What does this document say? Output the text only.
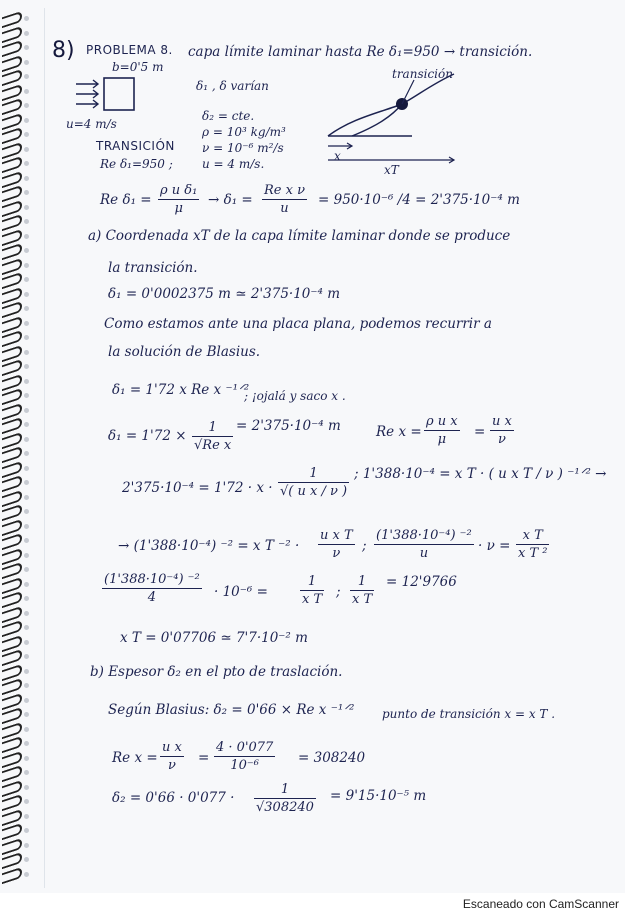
8) PROBLEMA 8. capa límite laminar hasta Re δ₁=950 → transición.
b=0'5 m
δ₁ , δ varían
δ₂ = cte.
ρ = 10³ kg/m³
ν = 10⁻⁶ m²/s
u = 4 m/s.
u=4 m/s
TRANSICIÓN
Re δ₁=950 ;
transición
x
xT
Re $\delta_1 = \frac{\text{ρ u δ₁}}{\mu} \to \delta_1 = \frac{\text{Re x ν}}{u} = 950\cdot 10^{-6}$ /4 = 2'375·10⁻⁴ m
a) Coordenada xT de la capa límite laminar donde se produce
la transición.
δ₁ = 0'0002375 m ≃ 2'375·10⁻⁴ m
Como estamos ante una placa plana, podemos recurrir a
la solución de Blasius.
δ₁ = 1'72 x Re x ⁻¹ᐟ²
; ¡ojalá y saco x .
$\delta_1 = 1'72 \times \frac{1}{\text{√Re x}} = 2'375\cdot 10^{-4}$ m	Re $x = \frac{\text{ρ u x}}{\mu} = \frac{\text{u x}}{\nu}$
$2'375\cdot 10^{-4} = 1'72 \cdot x \cdot \frac{1}{\text{√( u x / ν )}}$ ; 1'388·10⁻⁴ = x T · ( u x T / ν ) ⁻¹ᐟ² →
→ (1'388·10⁻⁴) ⁻² = x T $^{-2} \cdot \frac{\text{u x T}}{\nu}$ ; $\frac{\text{(1'388·10⁻⁴) ⁻²}}{u} \cdot \nu = \frac{\text{x T}}{\text{x T ²}}$
$\frac{\text{(1'388·10⁻⁴) ⁻²}}{4} \cdot 10^{-6} = \frac{1}{\text{x T}}$ ; $\frac{1}{\text{x T}} = 12'9766$
x T = 0'07706 ≃ 7'7·10⁻² m
b) Espesor δ₂ en el pto de traslación.
Según Blasius: δ₂ = 0'66 × Re x ⁻¹ᐟ² punto de transición x = x T .
Re $x = \frac{\text{u x}}{\nu} = \frac{4 \cdot 0'077}{\text{10⁻⁶}} = 308240$
$\delta_2 = 0'66 \cdot 0'077 \cdot \frac{1}{√308240} = 9'15\cdot 10^{-5}$ m
Escaneado con CamScanner
